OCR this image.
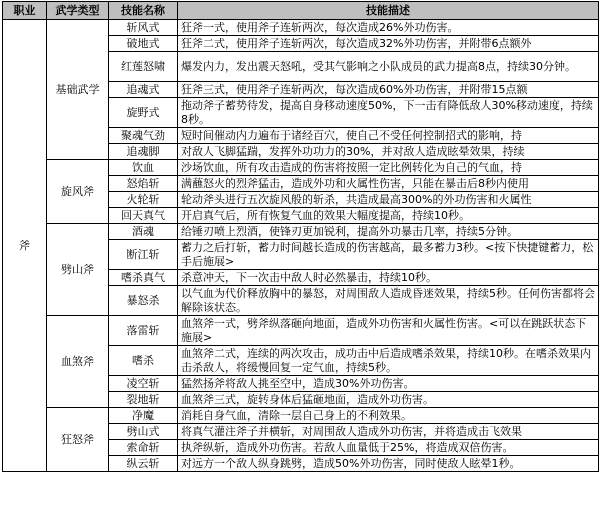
职业	武学类型	技能名称	技能描述
斧	基础武学	斩风式	狂斧一式，使用斧子连斩两次，每次造成26%外功伤害。
		破地式	狂斧二式，使用斧子连斩两次，每次造成32%外功伤害，并附带6点额外
		红莲怒啸	爆发内力，发出震天怒吼，受其气影响之小队成员的武力提高8点，持续30分钟。
		追魂式	狂斧三式，使用斧子连斩两次，每次造成60%外功伤害，并附带15点额
		旋野式	拖动斧子蓄势待发，提高自身移动速度50%，下一击有降低敌人30%移动速度，持续8秒。
		聚魂气劲	短时间催动内力遍布于诸经百穴，使自己不受任何控制招式的影响，持
		追魂脚	对敌人飞脚猛踹，发挥外功功力的30%，并对敌人造成眩晕效果，持续
	旋风斧	饮血	沙场饮血，所有攻击造成的伤害将按照一定比例转化为自己的气血，持
		怒焰斩	满蘸怒火的烈斧猛击，造成外功和火属性伤害，只能在暴击后8秒内使用
		火轮斩	轮动斧头进行五次旋风般的斩杀，共造成最高300%的外功伤害和火属性
		回天真气	开启真气后，所有恢复气血的效果大幅度提高，持续10秒。
	劈山斧	酒魂	给锤刃喷上烈酒，使锋刃更加锐利，提高外功暴击几率，持续5分钟。
		断江斩	蓄力之后打斩，蓄力时间越长造成的伤害越高，最多蓄力3秒。<按下快捷键蓄力，松手后施展>
		嗜杀真气	杀意冲天，下一次击中敌人时必然暴击，持续10秒。
		暴怒杀	以气血为代价释放胸中的暴怒，对周围敌人造成昏迷效果，持续5秒。任何伤害都将会解除该状态。
	血煞斧	落雷斩	血煞斧一式，劈斧纵落砸向地面，造成外功伤害和火属性伤害。<可以在跳跃状态下施展>
		嗜杀	血煞斧二式，连续的两次攻击，成功击中后造成嗜杀效果，持续10秒。在嗜杀效果内击杀敌人，将缓慢回复一定气血，持续5秒。
		凌空斩	猛然扬斧将敌人挑至空中，造成30%外功伤害。
		裂地斩	血煞斧三式，旋转身体后猛砸地面，造成外功伤害。
	狂怒斧	净魔	消耗自身气血，清除一层自己身上的不利效果。
		劈山式	将真气灌注斧子并横斩，对周围敌人造成外功伤害，并将造成击飞效果
		索命斩	执斧纵斩，造成外功伤害。若敌人血量低于25%，将造成双倍伤害。
		纵云斩	对远方一个敌人纵身跳劈，造成50%外功伤害，同时使敌人眩晕1秒。
